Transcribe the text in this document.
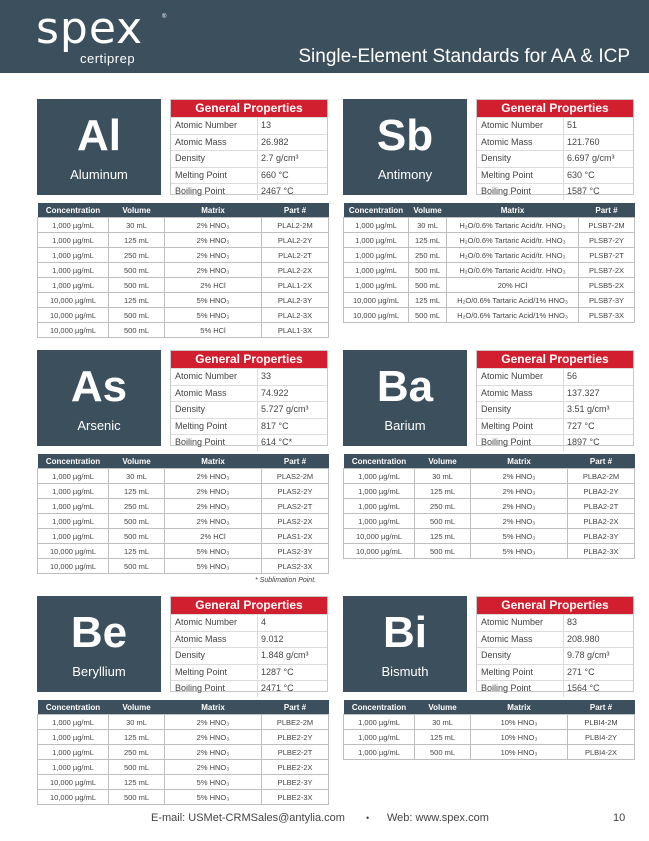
spex	®
certiprep	Single-Element Standards for AA & ICP
Al
Aluminum
General Properties
Atomic Number	13
Atomic Mass	26.982
Density	2.7 g/cm³
Melting Point	660 °C
Boiling Point	2467 °C
Concentration	Volume	Matrix	Part #
1,000 µg/mL	30 mL	2% HNO₃	PLAL2-2M
1,000 µg/mL	125 mL	2% HNO₃	PLAL2-2Y
1,000 µg/mL	250 mL	2% HNO₃	PLAL2-2T
1,000 µg/mL	500 mL	2% HNO₃	PLAL2-2X
1,000 µg/mL	500 mL	2% HCl	PLAL1-2X
10,000 µg/mL	125 mL	5% HNO₃	PLAL2-3Y
10,000 µg/mL	500 mL	5% HNO₃	PLAL2-3X
10,000 µg/mL	500 mL	5% HCl	PLAL1-3X
Sb
Antimony
General Properties
Atomic Number	51
Atomic Mass	121.760
Density	6.697 g/cm³
Melting Point	630 °C
Boiling Point	1587 °C
Concentration	Volume	Matrix	Part #
1,000 µg/mL	30 mL	H₂O/0.6% Tartaric Acid/tr. HNO₃	PLSB7-2M
1,000 µg/mL	125 mL	H₂O/0.6% Tartaric Acid/tr. HNO₃	PLSB7-2Y
1,000 µg/mL	250 mL	H₂O/0.6% Tartaric Acid/tr. HNO₃	PLSB7-2T
1,000 µg/mL	500 mL	H₂O/0.6% Tartaric Acid/tr. HNO₃	PLSB7-2X
1,000 µg/mL	500 mL	20% HCl	PLSB5-2X
10,000 µg/mL	125 mL	H₂O/0.6% Tartaric Acid/1% HNO₃	PLSB7-3Y
10,000 µg/mL	500 mL	H₂O/0.6% Tartaric Acid/1% HNO₃	PLSB7-3X
As
Arsenic
General Properties
Atomic Number	33
Atomic Mass	74.922
Density	5.727 g/cm³
Melting Point	817 °C
Boiling Point	614 °C*
Concentration	Volume	Matrix	Part #
1,000 µg/mL	30 mL	2% HNO₃	PLAS2-2M
1,000 µg/mL	125 mL	2% HNO₃	PLAS2-2Y
1,000 µg/mL	250 mL	2% HNO₃	PLAS2-2T
1,000 µg/mL	500 mL	2% HNO₃	PLAS2-2X
1,000 µg/mL	500 mL	2% HCl	PLAS1-2X
10,000 µg/mL	125 mL	5% HNO₃	PLAS2-3Y
10,000 µg/mL	500 mL	5% HNO₃	PLAS2-3X
* Sublimation Point.
Ba
Barium
General Properties
Atomic Number	56
Atomic Mass	137.327
Density	3.51 g/cm³
Melting Point	727 °C
Boiling Point	1897 °C
Concentration	Volume	Matrix	Part #
1,000 µg/mL	30 mL	2% HNO₃	PLBA2-2M
1,000 µg/mL	125 mL	2% HNO₃	PLBA2-2Y
1,000 µg/mL	250 mL	2% HNO₃	PLBA2-2T
1,000 µg/mL	500 mL	2% HNO₃	PLBA2-2X
10,000 µg/mL	125 mL	5% HNO₃	PLBA2-3Y
10,000 µg/mL	500 mL	5% HNO₃	PLBA2-3X
Be
Beryllium
General Properties
Atomic Number	4
Atomic Mass	9.012
Density	1.848 g/cm³
Melting Point	1287 °C
Boiling Point	2471 °C
Concentration	Volume	Matrix	Part #
1,000 µg/mL	30 mL	2% HNO₃	PLBE2-2M
1,000 µg/mL	125 mL	2% HNO₃	PLBE2-2Y
1,000 µg/mL	250 mL	2% HNO₃	PLBE2-2T
1,000 µg/mL	500 mL	2% HNO₃	PLBE2-2X
10,000 µg/mL	125 mL	5% HNO₃	PLBE2-3Y
10,000 µg/mL	500 mL	5% HNO₃	PLBE2-3X
Bi
Bismuth
General Properties
Atomic Number	83
Atomic Mass	208.980
Density	9.78 g/cm³
Melting Point	271 °C
Boiling Point	1564 °C
Concentration	Volume	Matrix	Part #
1,000 µg/mL	30 mL	10% HNO₃	PLBI4-2M
1,000 µg/mL	125 mL	10% HNO₃	PLBI4-2Y
1,000 µg/mL	500 mL	10% HNO₃	PLBI4-2X
E-mail: USMet-CRMSales@antylia.com • Web: www.spex.com	10
